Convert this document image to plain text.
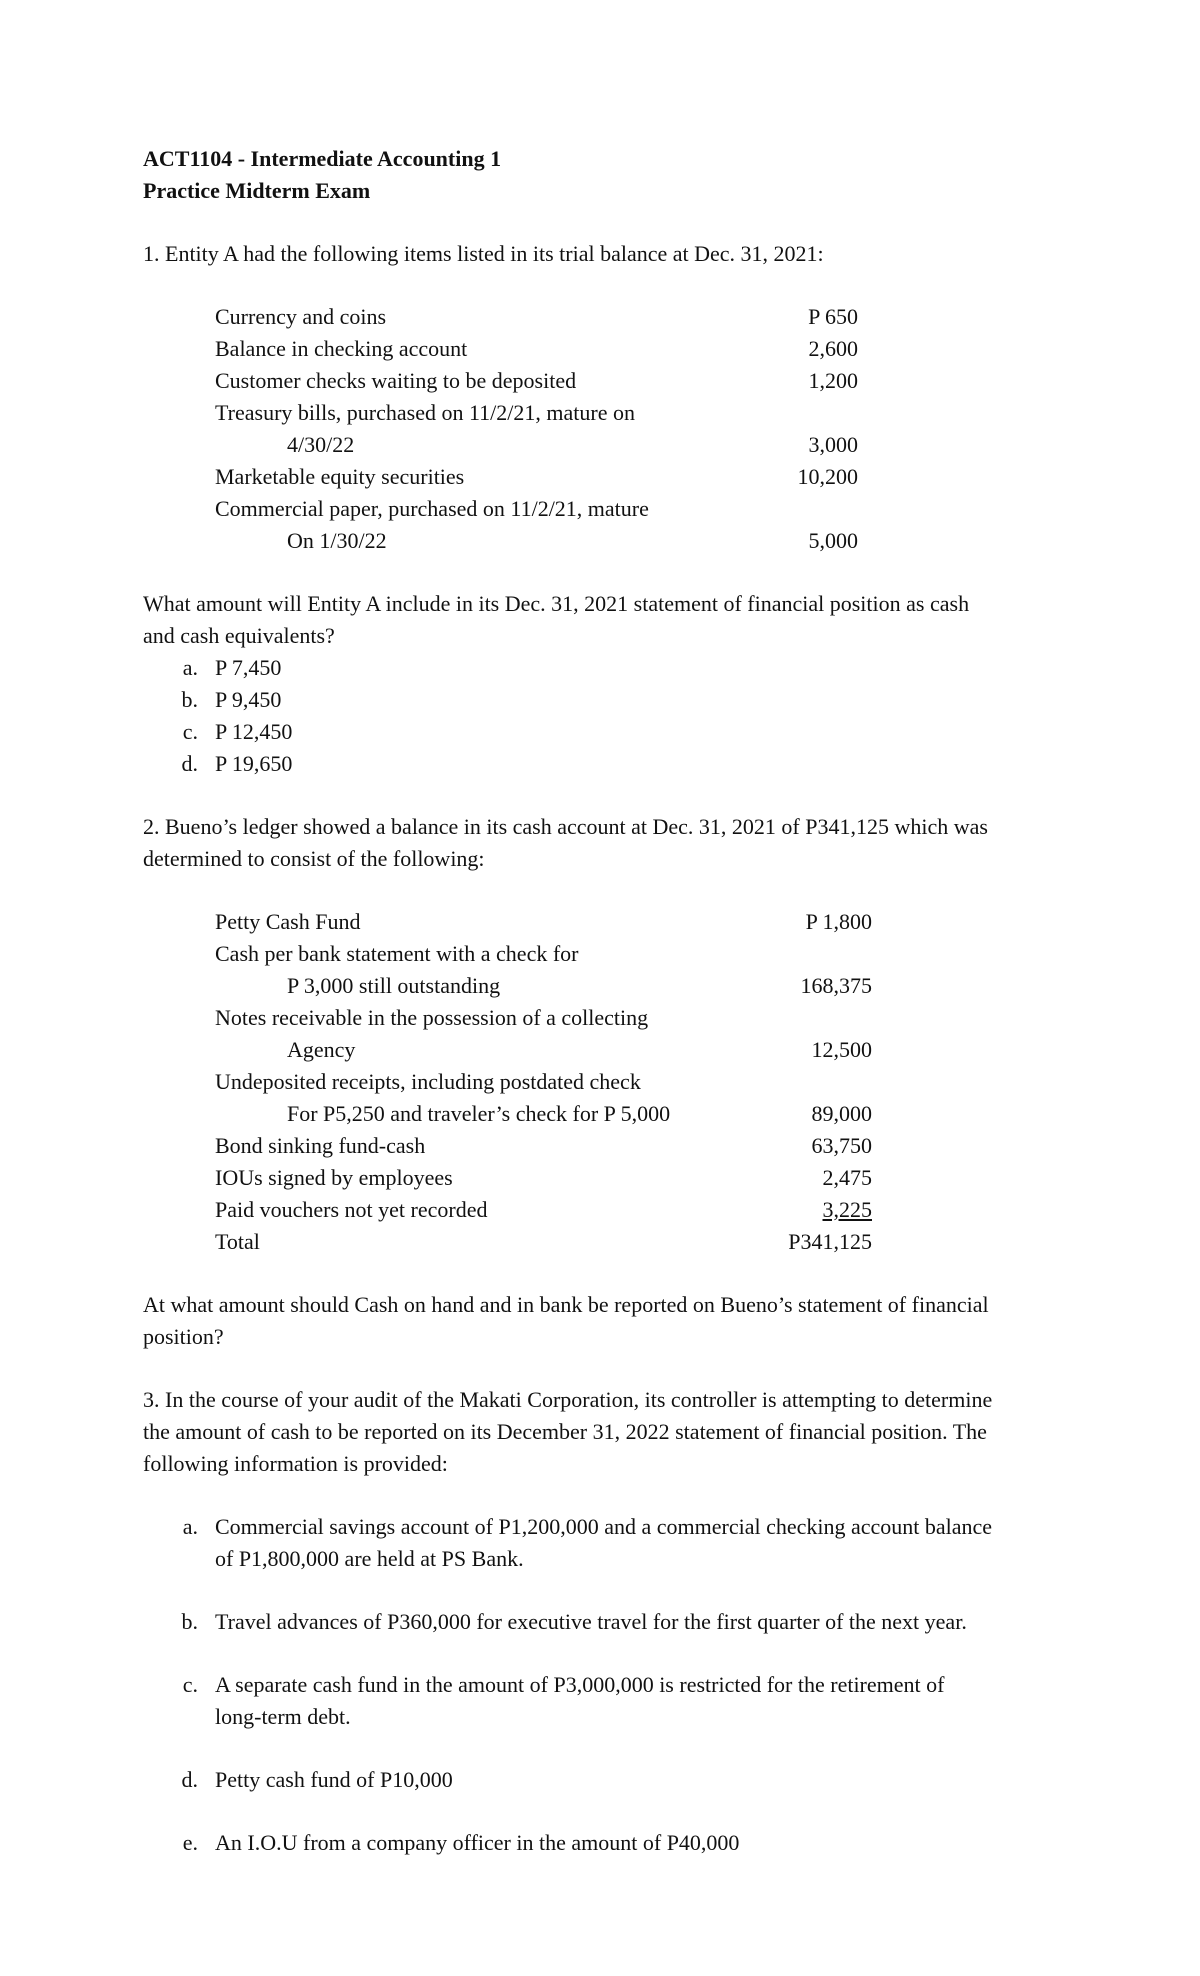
ACT1104 - Intermediate Accounting 1
Practice Midterm Exam
1. Entity A had the following items listed in its trial balance at Dec. 31, 2021:
Currency and coins	P 650
Balance in checking account	2,600
Customer checks waiting to be deposited	1,200
Treasury bills, purchased on 11/2/21, mature on
4/30/22	3,000
Marketable equity securities	10,200
Commercial paper, purchased on 11/2/21, mature
On 1/30/22	5,000
What amount will Entity A include in its Dec. 31, 2021 statement of financial position as cash
and cash equivalents?
a. P 7,450
b. P 9,450
c. P 12,450
d. P 19,650
2. Bueno’s ledger showed a balance in its cash account at Dec. 31, 2021 of P341,125 which was
determined to consist of the following:
Petty Cash Fund	P 1,800
Cash per bank statement with a check for
P 3,000 still outstanding	168,375
Notes receivable in the possession of a collecting
Agency	12,500
Undeposited receipts, including postdated check
For P5,250 and traveler’s check for P 5,000	89,000
Bond sinking fund-cash	63,750
IOUs signed by employees	2,475
Paid vouchers not yet recorded	3,225
Total	P341,125
At what amount should Cash on hand and in bank be reported on Bueno’s statement of financial
position?
3. In the course of your audit of the Makati Corporation, its controller is attempting to determine
the amount of cash to be reported on its December 31, 2022 statement of financial position. The
following information is provided:
a. Commercial savings account of P1,200,000 and a commercial checking account balance
of P1,800,000 are held at PS Bank.
b. Travel advances of P360,000 for executive travel for the first quarter of the next year.
c. A separate cash fund in the amount of P3,000,000 is restricted for the retirement of
long-term debt.
d. Petty cash fund of P10,000
e. An I.O.U from a company officer in the amount of P40,000
